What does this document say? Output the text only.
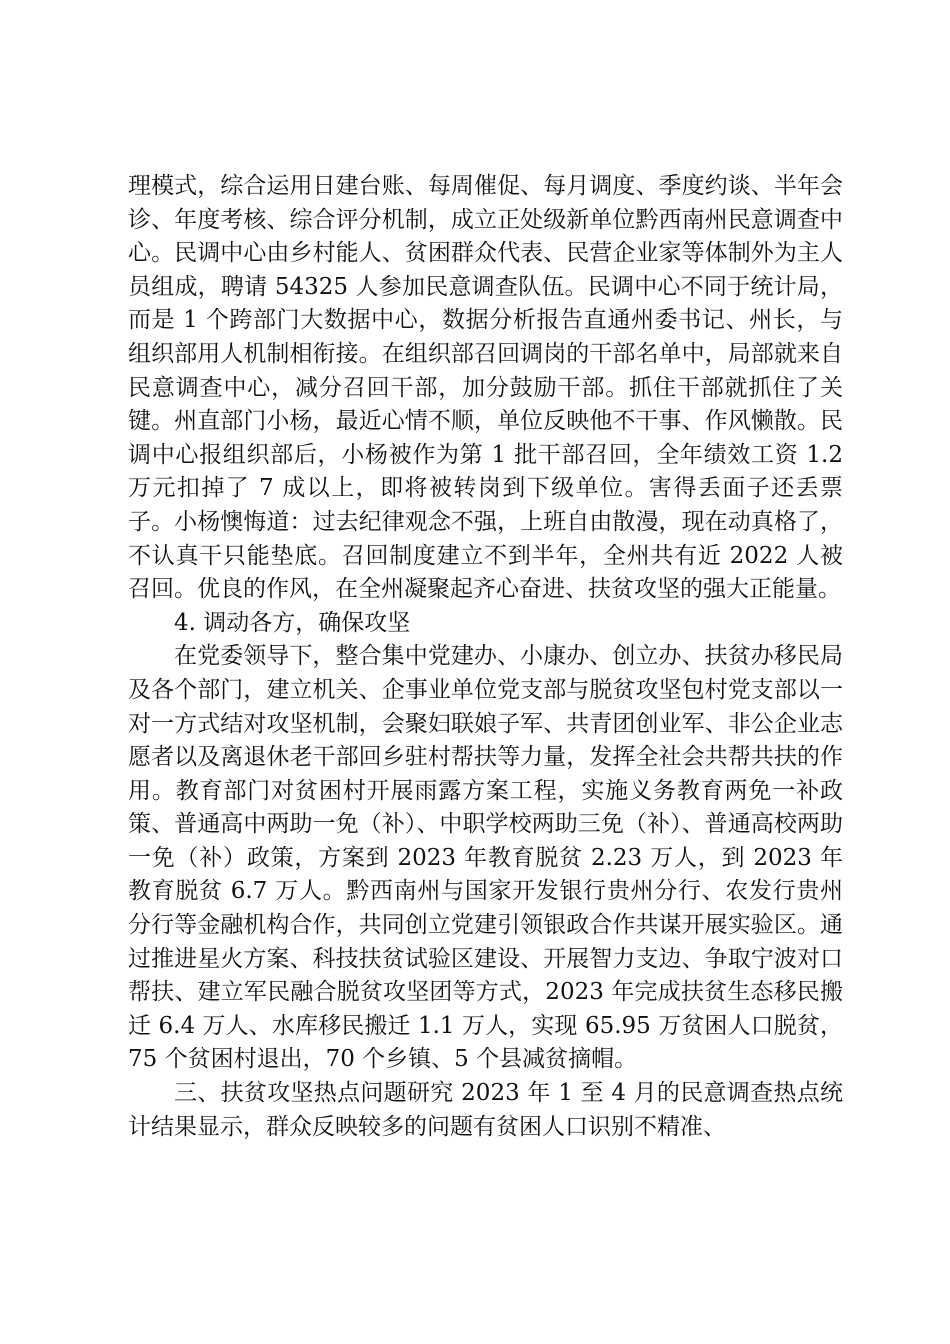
理模式，综合运用日建台账、每周催促、每月调度、季度约谈、半年会诊、年度考核、综合评分机制，成立正处级新单位黔西南州民意调查中心。民调中心由乡村能人、贫困群众代表、民营企业家等体制外为主人员组成，聘请 54325 人参加民意调查队伍。民调中心不同于统计局，而是 1 个跨部门大数据中心，数据分析报告直通州委书记、州长，与组织部用人机制相衔接。在组织部召回调岗的干部名单中，局部就来自民意调查中心，减分召回干部，加分鼓励干部。抓住干部就抓住了关键。州直部门小杨，最近心情不顺，单位反映他不干事、作风懒散。民调中心报组织部后，小杨被作为第 1 批干部召回，全年绩效工资 1.2 万元扣掉了 7 成以上，即将被转岗到下级单位。害得丢面子还丢票子。小杨懊悔道：过去纪律观念不强，上班自由散漫，现在动真格了，不认真干只能垫底。召回制度建立不到半年，全州共有近 2022 人被召回。优良的作风，在全州凝聚起齐心奋进、扶贫攻坚的强大正能量。

4. 调动各方，确保攻坚

在党委领导下，整合集中党建办、小康办、创立办、扶贫办移民局及各个部门，建立机关、企事业单位党支部与脱贫攻坚包村党支部以一对一方式结对攻坚机制，会聚妇联娘子军、共青团创业军、非公企业志愿者以及离退休老干部回乡驻村帮扶等力量，发挥全社会共帮共扶的作用。教育部门对贫困村开展雨露方案工程，实施义务教育两免一补政策、普通高中两助一免（补）、中职学校两助三免（补）、普通高校两助一免（补）政策，方案到 2023 年教育脱贫 2.23 万人，到 2023 年教育脱贫 6.7 万人。黔西南州与国家开发银行贵州分行、农发行贵州分行等金融机构合作，共同创立党建引领银政合作共谋开展实验区。通过推进星火方案、科技扶贫试验区建设、开展智力支边、争取宁波对口帮扶、建立军民融合脱贫攻坚团等方式，2023 年完成扶贫生态移民搬迁 6.4 万人、水库移民搬迁 1.1 万人，实现 65.95 万贫困人口脱贫，75 个贫困村退出，70 个乡镇、5 个县减贫摘帽。

三、扶贫攻坚热点问题研究 2023 年 1 至 4 月的民意调查热点统计结果显示，群众反映较多的问题有贫困人口识别不精准、
